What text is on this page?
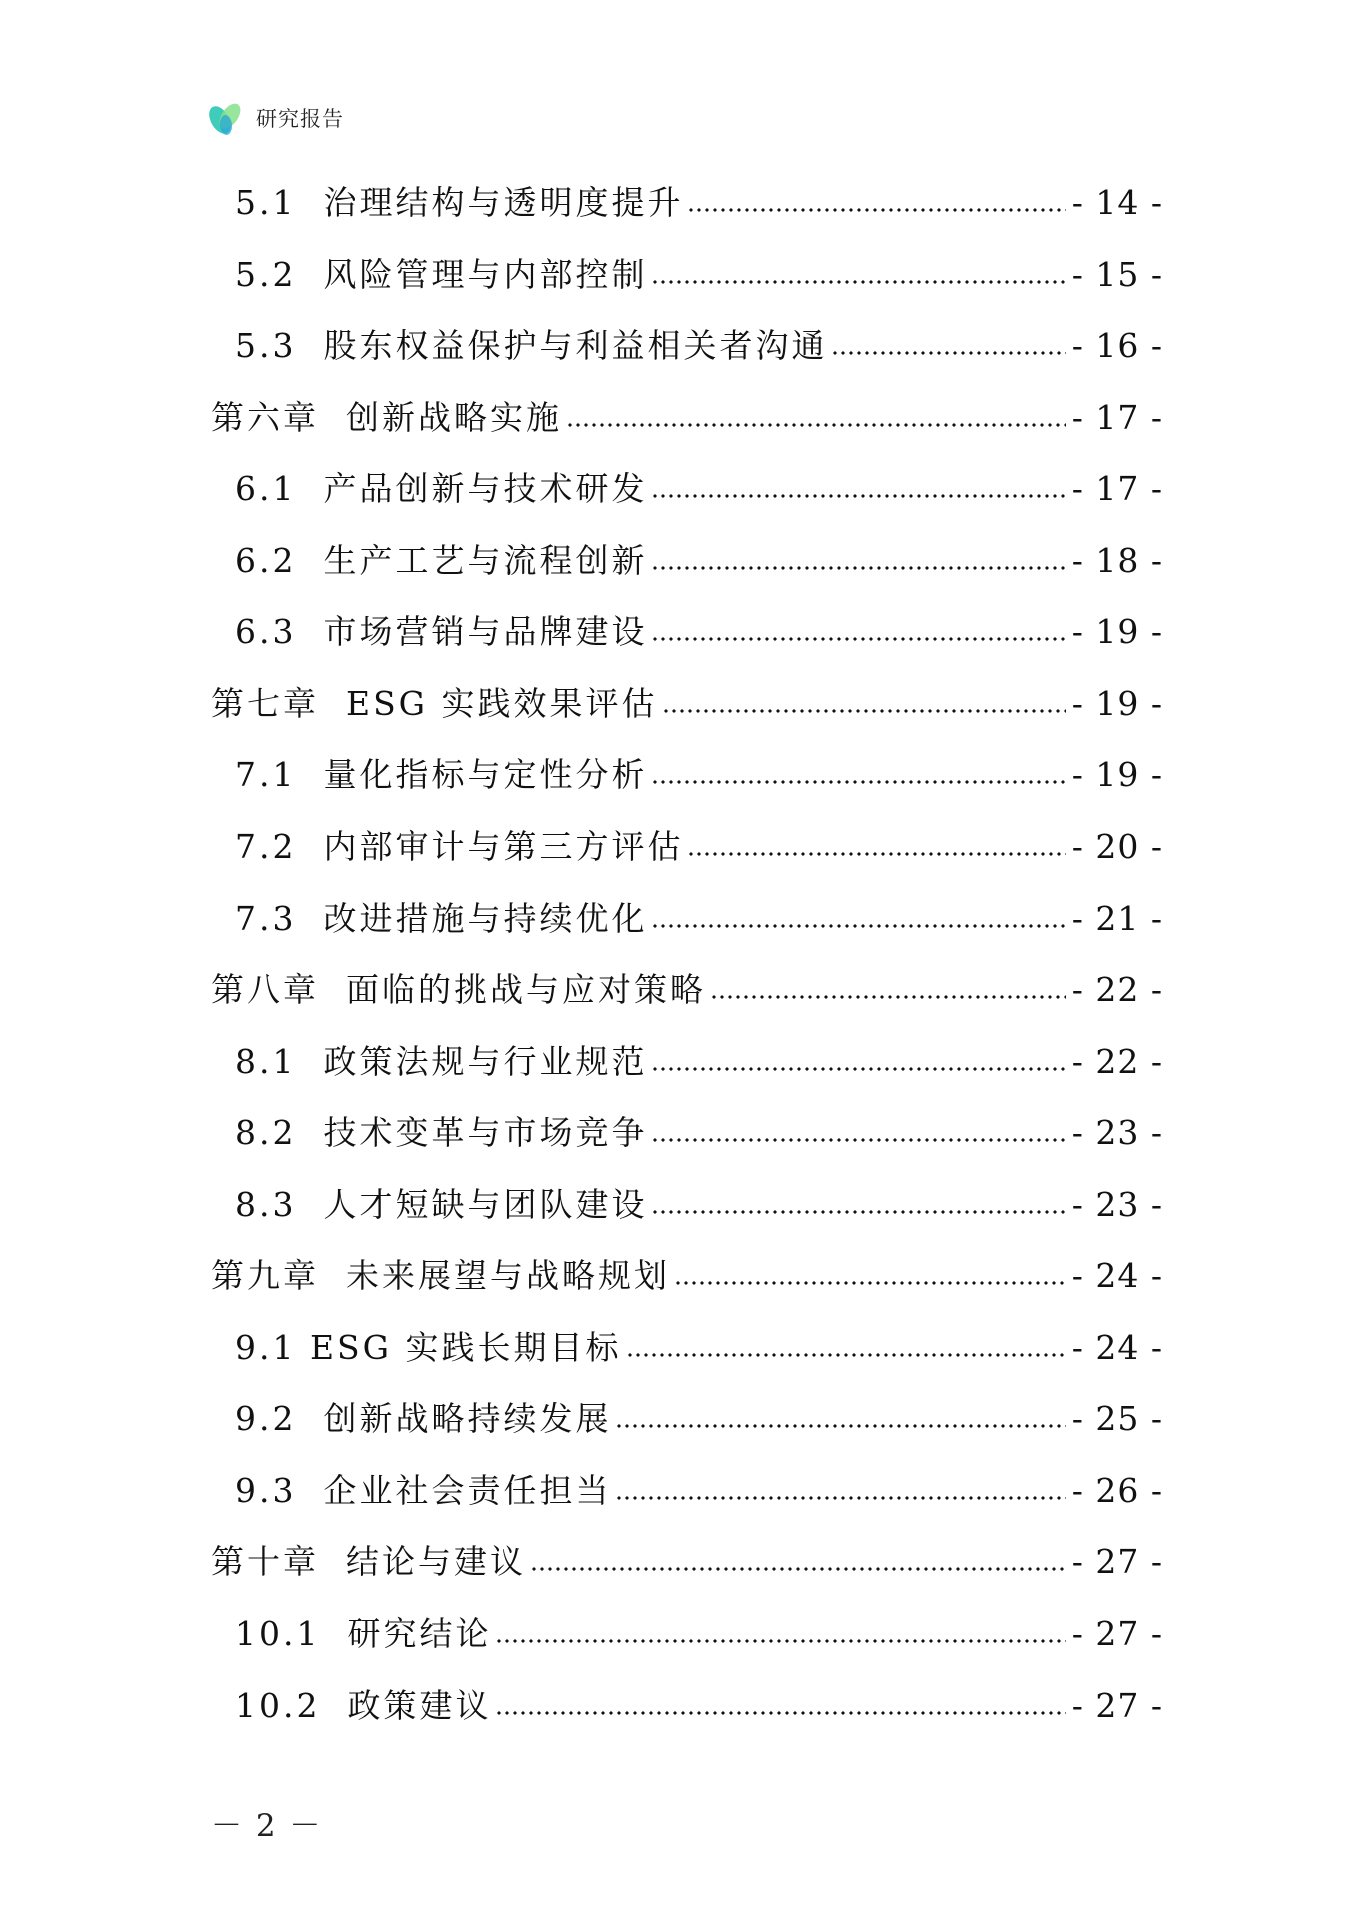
研究报告
5.1  治理结构与透明度提升	- 14 -
5.2  风险管理与内部控制	- 15 -
5.3  股东权益保护与利益相关者沟通	- 16 -
第六章  创新战略实施	- 17 -
6.1  产品创新与技术研发	- 17 -
6.2  生产工艺与流程创新	- 18 -
6.3  市场营销与品牌建设	- 19 -
第七章  ESG 实践效果评估	- 19 -
7.1  量化指标与定性分析	- 19 -
7.2  内部审计与第三方评估	- 20 -
7.3  改进措施与持续优化	- 21 -
第八章  面临的挑战与应对策略	- 22 -
8.1  政策法规与行业规范	- 22 -
8.2  技术变革与市场竞争	- 23 -
8.3  人才短缺与团队建设	- 23 -
第九章  未来展望与战略规划	- 24 -
9.1 ESG 实践长期目标	- 24 -
9.2  创新战略持续发展	- 25 -
9.3  企业社会责任担当	- 26 -
第十章  结论与建议	- 27 -
10.1  研究结论	- 27 -
10.2  政策建议	- 27 -
－ 2 －
